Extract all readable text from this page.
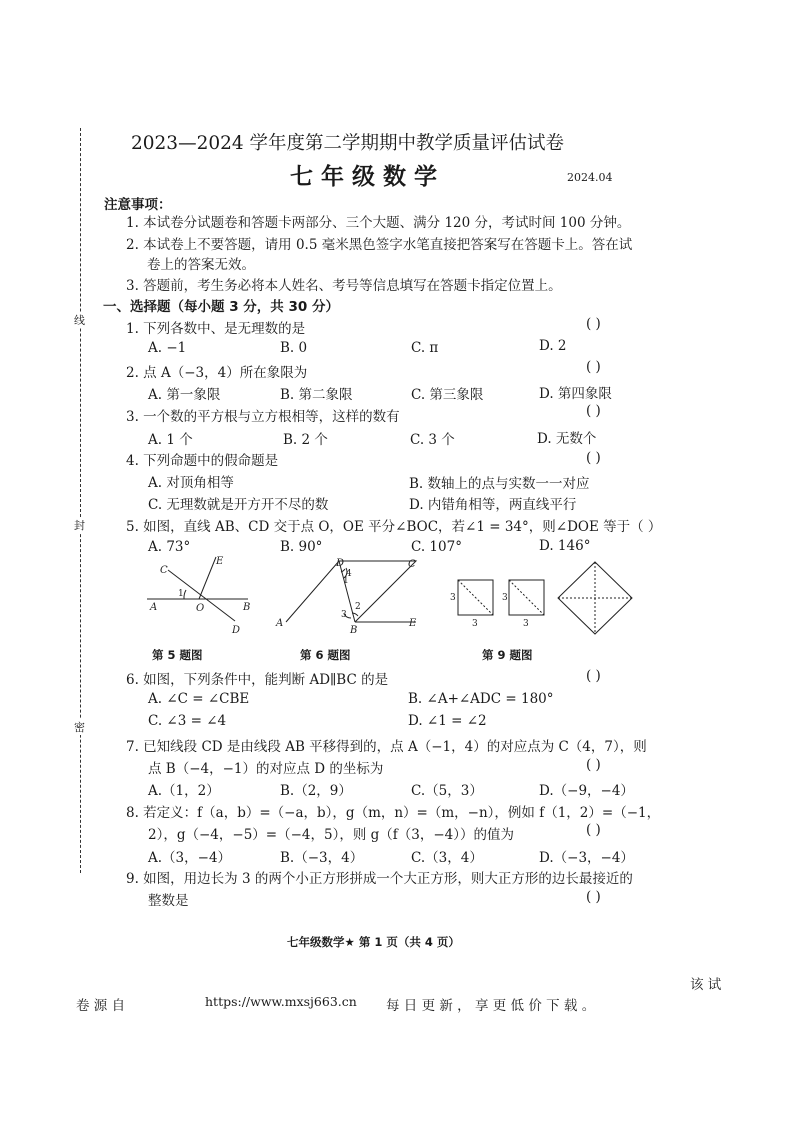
线
封
密
2023—2024 学年度第二学期期中教学质量评估试卷
七 年 级 数 学	2024.04
注意事项：
1. 本试卷分试题卷和答题卡两部分、三个大题、满分 120 分，考试时间 100 分钟。
2. 本试卷上不要答题，请用 0.5 毫米黑色签字水笔直接把答案写在答题卡上。答在试
卷上的答案无效。
3. 答题前，考生务必将本人姓名、考号等信息填写在答题卡指定位置上。
一、选择题（每小题 3 分，共 30 分）
1. 下列各数中、是无理数的是	( )
A. −1	B. 0	C. π	D. 2
2. 点 A（−3，4）所在象限为	( )
A. 第一象限	B. 第二象限	C. 第三象限	D. 第四象限
3. 一个数的平方根与立方根相等，这样的数有	( )
A. 1 个	B. 2 个	C. 3 个	D. 无数个
4. 下列命题中的假命题是	( )
A. 对顶角相等	B. 数轴上的点与实数一一对应
C. 无理数就是开方开不尽的数	D. 内错角相等，两直线平行
5. 如图，直线 AB、CD 交于点 O，OE 平分∠BOC，若∠1 = 34°，则∠DOE 等于（ ）
A. 73°	B. 90°	C. 107°	D. 146°
C
E
A	O	B
D
A
D	C
B
E
1
4
1
2
3
3
3
3
3
第 5 题图	第 6 题图	第 9 题图
6. 如图，下列条件中，能判断 AD∥BC 的是	( )
A. ∠C = ∠CBE	B. ∠A+∠ADC = 180°
C. ∠3 = ∠4	D. ∠1 = ∠2
7. 已知线段 CD 是由线段 AB 平移得到的，点 A（−1，4）的对应点为 C（4，7），则
点 B（−4，−1）的对应点 D 的坐标为	( )
A.（1，2）	B.（2，9）	C.（5，3）	D.（−9，−4）
8. 若定义：f（a，b）=（−a，b），g（m，n）=（m，−n），例如 f（1，2）=（−1，
2），g（−4，−5）=（−4，5），则 g（f（3，−4））的值为	( )
A.（3，−4）	B.（−3，4）	C.（3，4）	D.（−3，−4）
9. 如图，用边长为 3 的两个小正方形拼成一个大正方形，则大正方形的边长最接近的
整数是	( )
七年级数学★ 第 1 页（共 4 页）
该 试
卷 源 自	https://www.mxsj663.cn 每 日 更 新 ， 享 更 低 价 下 载 。
